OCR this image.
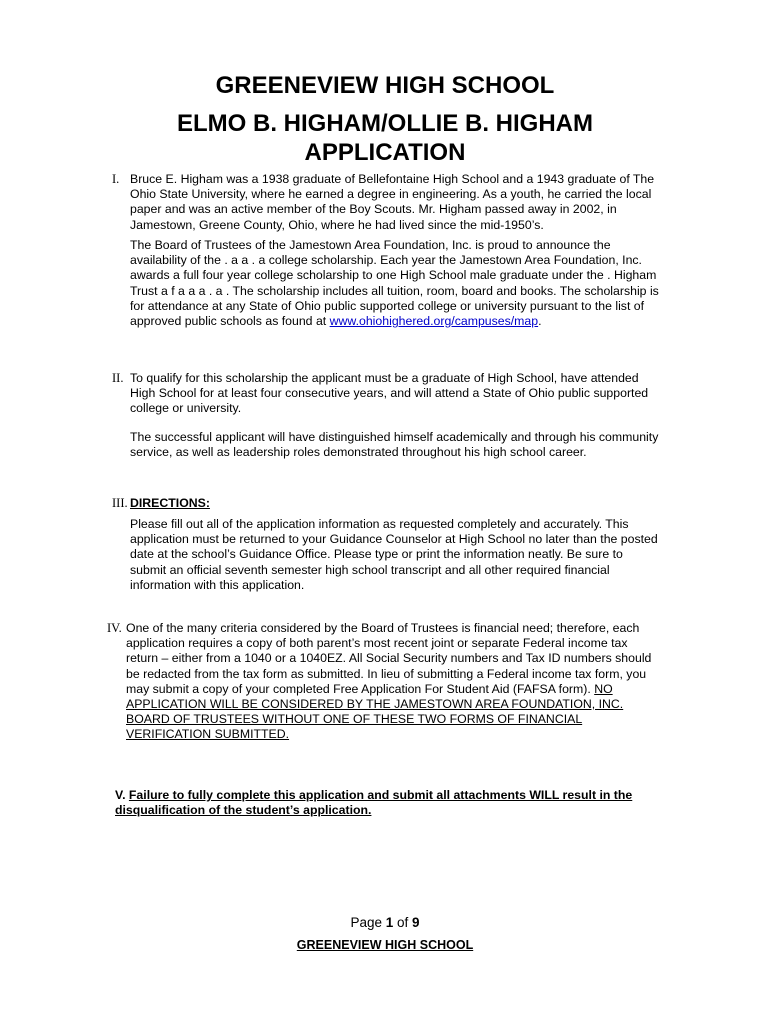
GREENEVIEW HIGH SCHOOL
ELMO B. HIGHAM/OLLIE B. HIGHAM
APPLICATION
I. Bruce E. Higham was a 1938 graduate of Bellefontaine High School and a 1943 graduate of The Ohio State University, where he earned a degree in engineering. As a youth, he carried the local paper and was an active member of the Boy Scouts. Mr. Higham passed away in 2002, in Jamestown, Greene County, Ohio, where he had lived since the mid-1950’s.
The Board of Trustees of the Jamestown Area Foundation, Inc. is proud to announce the availability of the . a a . a college scholarship. Each year the Jamestown Area Foundation, Inc. awards a full four year college scholarship to one High School male graduate under the . Higham Trust a f a a a . a . The scholarship includes all tuition, room, board and books. The scholarship is for attendance at any State of Ohio public supported college or university pursuant to the list of approved public schools as found at www.ohiohighered.org/campuses/map.
II. To qualify for this scholarship the applicant must be a graduate of High School, have attended High School for at least four consecutive years, and will attend a State of Ohio public supported college or university.
The successful applicant will have distinguished himself academically and through his community service, as well as leadership roles demonstrated throughout his high school career.
III. DIRECTIONS:
Please fill out all of the application information as requested completely and accurately. This application must be returned to your Guidance Counselor at High School no later than the posted date at the school’s Guidance Office. Please type or print the information neatly. Be sure to submit an official seventh semester high school transcript and all other required financial information with this application.
IV. One of the many criteria considered by the Board of Trustees is financial need; therefore, each application requires a copy of both parent’s most recent joint or separate Federal income tax return – either from a 1040 or a 1040EZ. All Social Security numbers and Tax ID numbers should be redacted from the tax form as submitted. In lieu of submitting a Federal income tax form, you may submit a copy of your completed Free Application For Student Aid (FAFSA form). NO APPLICATION WILL BE CONSIDERED BY THE JAMESTOWN AREA FOUNDATION, INC. BOARD OF TRUSTEES WITHOUT ONE OF THESE TWO FORMS OF FINANCIAL VERIFICATION SUBMITTED.
V. Failure to fully complete this application and submit all attachments WILL result in the disqualification of the student’s application.
Page 1 of 9
GREENEVIEW HIGH SCHOOL
